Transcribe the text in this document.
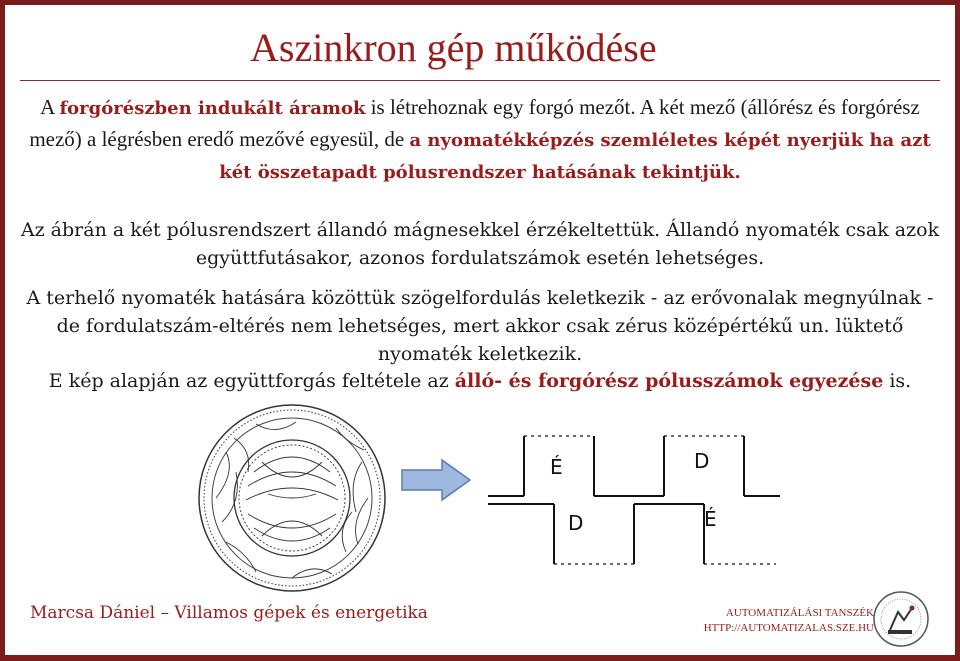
Aszinkron gép működése
A forgórészben indukált áramok is létrehoznak egy forgó mezőt. A két mező (állórész és forgórész mező) a légrésben eredő mezővé egyesül, de a nyomatékképzés szemléletes képét nyerjük ha azt két összetapadt pólusrendszer hatásának tekintjük.
Az ábrán a két pólusrendszert állandó mágnesekkel érzékeltettük. Állandó nyomaték csak azok együttfutásakor, azonos fordulatszámok esetén lehetséges.
A terhelő nyomaték hatására közöttük szögelfordulás keletkezik - az erővonalak megnyúlnak - de fordulatszám-eltérés nem lehetséges, mert akkor csak zérus középértékű un. lüktető nyomaték keletkezik.
E kép alapján az együttforgás feltétele az álló- és forgórész pólusszámok egyezése is.
É	D
D	É
Marcsa Dániel – Villamos gépek és energetika	AUTOMATIZÁLÁSI TANSZÉK
HTTP://AUTOMATIZALAS.SZE.HU
